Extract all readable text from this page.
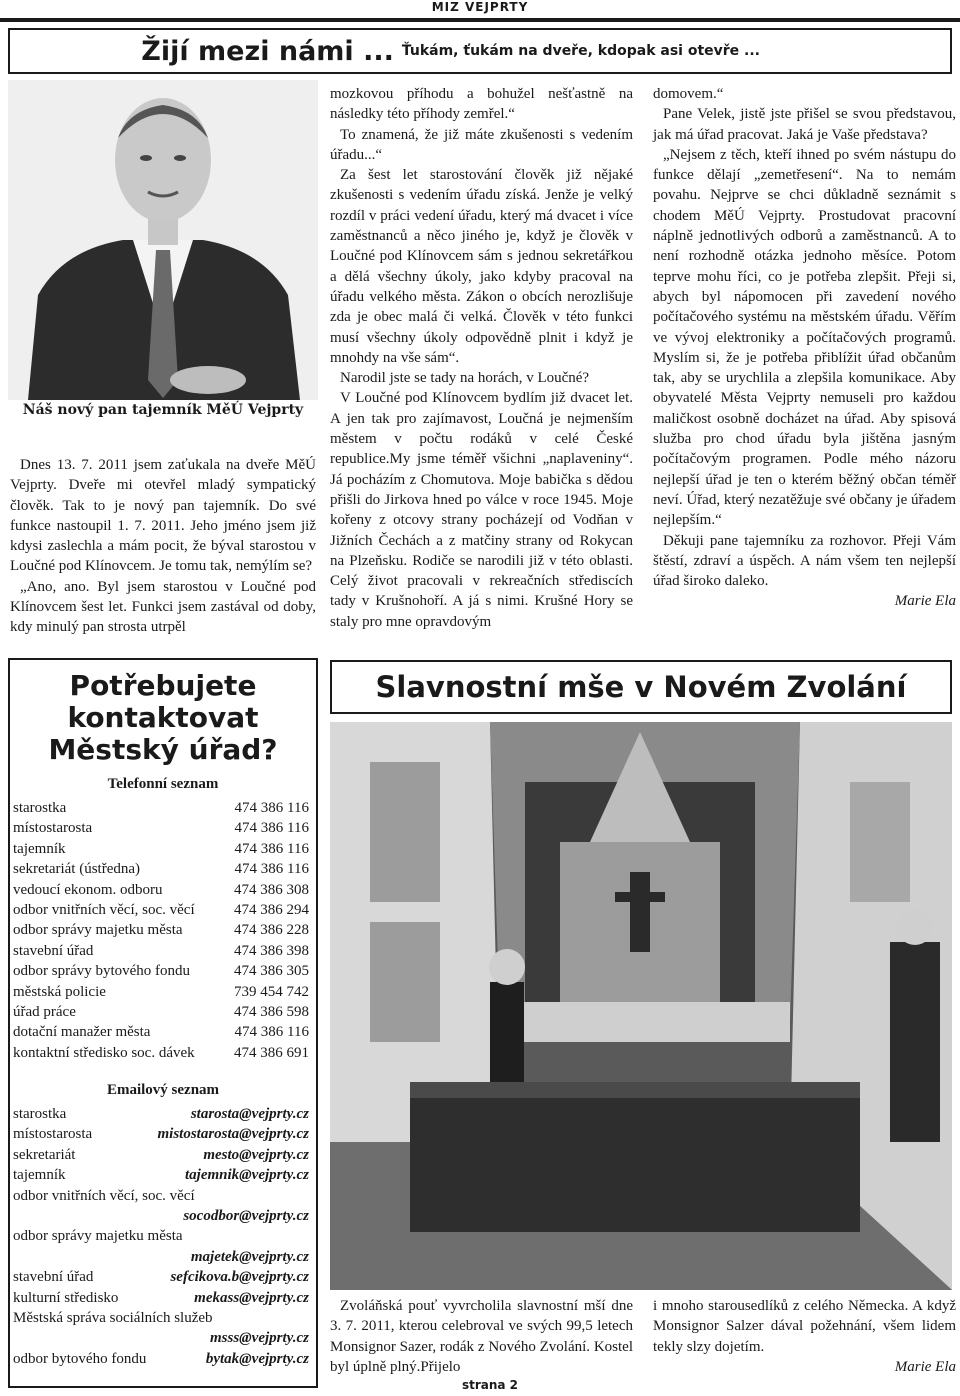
MIZ VEJPRTY
Žijí mezi námi ... Ťukám, ťukám na dveře, kdopak asi otevře ...
Náš nový pan tajemník MěÚ Vejprty

Dnes 13. 7. 2011 jsem zaťukala na dveře MěÚ Vejprty. Dveře mi otevřel mladý sympatický člověk. Tak to je nový pan tajemník. Do své funkce nastoupil 1. 7. 2011. Jeho jméno jsem již kdysi zaslechla a mám pocit, že býval starostou v Loučné pod Klínovcem. Je tomu tak, nemýlím se?

„Ano, ano. Byl jsem starostou v Loučné pod Klínovcem šest let. Funkci jsem zastával od doby, kdy minulý pan strosta utrpěl

mozkovou příhodu a bohužel nešťastně na následky této příhody zemřel.“

To znamená, že již máte zkušenosti s vedením úřadu...“

Za šest let starostování člověk již nějaké zkušenosti s vedením úřadu získá. Jenže je velký rozdíl v práci vedení úřadu, který má dvacet i více zaměstnanců a něco jiného je, když je člověk v Loučné pod Klínovcem sám s jednou sekretářkou a dělá všechny úkoly, jako kdyby pracoval na úřadu velkého města. Zákon o obcích nerozlišuje zda je obec malá či velká. Člověk v této funkci musí všechny úkoly odpovědně plnit i když je mnohdy na vše sám“.

Narodil jste se tady na horách, v Loučné?

V Loučné pod Klínovcem bydlím již dvacet let. A jen tak pro zajímavost, Loučná je nejmenším městem v počtu rodáků v celé České republice.My jsme téměř všichni „naplaveniny“. Já pocházím z Chomutova. Moje babička s dědou přišli do Jirkova hned po válce v roce 1945. Moje kořeny z otcovy strany pocházejí od Vodňan v Jižních Čechách a z matčiny strany od Rokycan na Plzeňsku. Rodiče se narodili již v této oblasti. Celý život pracovali v rekreačních střediscích tady v Krušnohoří. A já s nimi. Krušné Hory se staly pro mne opravdovým

domovem.“

Pane Velek, jistě jste přišel se svou představou, jak má úřad pracovat. Jaká je Vaše představa?

„Nejsem z těch, kteří ihned po svém nástupu do funkce dělají „zemetřesení“. Na to nemám povahu. Nejprve se chci důkladně seznámit s chodem MěÚ Vejprty. Prostudovat pracovní náplně jednotlivých odborů a zaměstnanců. A to není rozhodně otázka jednoho měsíce. Potom teprve mohu říci, co je potřeba zlepšit. Přeji si, abych byl nápomocen při zavedení nového počítačového systému na městském úřadu. Věřím ve vývoj elektroniky a počítačových programů. Myslím si, že je potřeba přiblížit úřad občanům tak, aby se urychlila a zlepšila komunikace. Aby obyvatelé Města Vejprty nemuseli pro každou maličkost osobně docházet na úřad. Aby spisová služba pro chod úřadu byla jištěna jasným počítačovým programen. Podle mého názoru nejlepší úřad je ten o kterém běžný občan téměř neví. Úřad, který nezatěžuje své občany je úřadem nejlepším.“

Děkuji pane tajemníku za rozhovor. Přeji Vám štěstí, zdraví a úspěch. A nám všem ten nejlepší úřad široko daleko.

Marie Ela
Potřebujete
kontaktovat
Městský úřad?
Telefonní seznam
starostka	474 386 116
místostarosta	474 386 116
tajemník	474 386 116
sekretariát (ústředna)	474 386 116
vedoucí ekonom. odboru	474 386 308
odbor vnitřních věcí, soc. věcí	474 386 294
odbor správy majetku města	474 386 228
stavební úřad	474 386 398
odbor správy bytového fondu	474 386 305
městská policie	739 454 742
úřad práce	474 386 598
dotační manažer města	474 386 116
kontaktní středisko soc. dávek	474 386 691
Emailový seznam
starostka	starosta@vejprty.cz
místostarosta	mistostarosta@vejprty.cz
sekretariát	mesto@vejprty.cz
tajemník	tajemnik@vejprty.cz
odbor vnitřních věcí, soc. věcí
socodbor@vejprty.cz
odbor správy majetku města
majetek@vejprty.cz
stavební úřad	sefcikova.b@vejprty.cz
kulturní středisko	mekass@vejprty.cz
Městská správa sociálních služeb
msss@vejprty.cz
odbor bytového fondu	bytak@vejprty.cz
Slavnostní mše v Novém Zvolání

Zvoláňská pouť vyvrcholila slavnostní mší dne 3. 7. 2011, kterou celebroval ve svých 99,5 letech Monsignor Sazer, rodák z Nového Zvolání. Kostel byl úplně plný.Přijelo

i mnoho starousedlíků z celého Německa. A když Monsignor Salzer dával požehnání, všem lidem tekly slzy dojetím.

Marie Ela
strana 2
